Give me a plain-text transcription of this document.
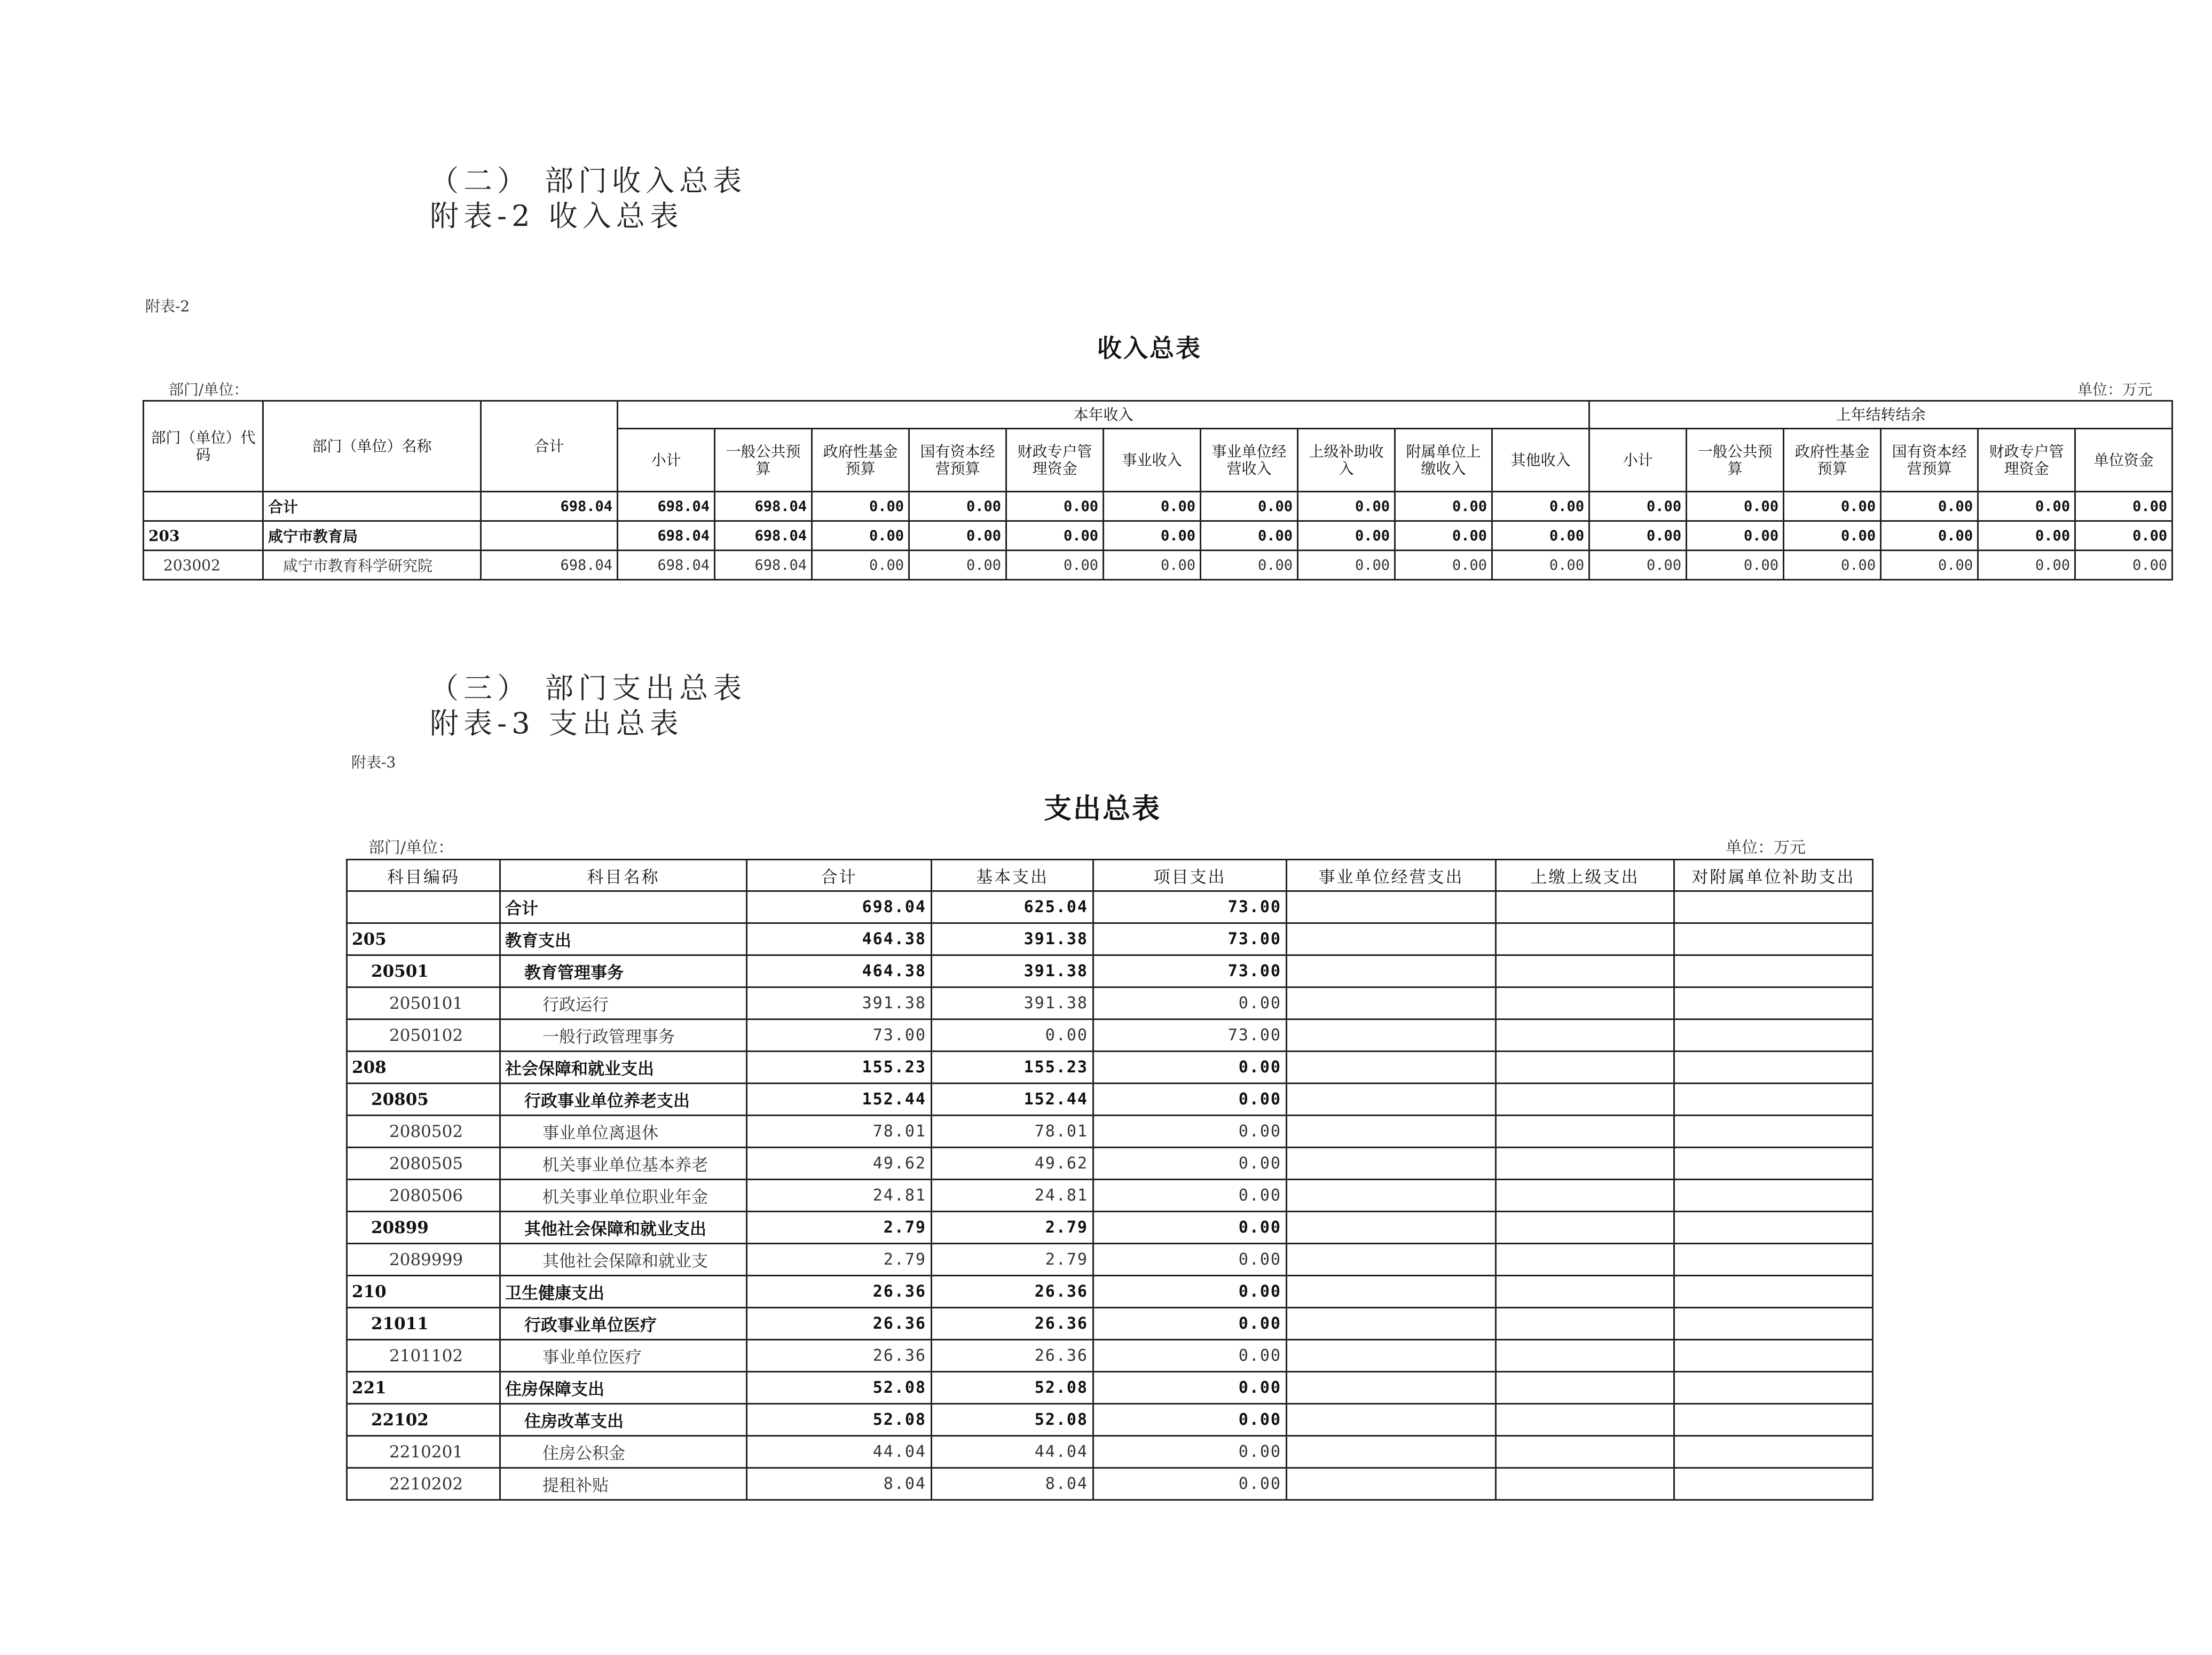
（二） 部门收入总表
附表-2 收入总表
附表-2
收入总表
部门/单位：	单位：万元
部门（单位）代码	部门（单位）名称	合计	本年收入										上年结转结余					
			小计	一般公共预算	政府性基金预算	国有资本经营预算	财政专户管理资金	事业收入	事业单位经营收入	上级补助收入	附属单位上缴收入	其他收入	小计	一般公共预算	政府性基金预算	国有资本经营预算	财政专户管理资金	单位资金
	合计	698.04	698.04	698.04	0.00	0.00	0.00	0.00	0.00	0.00	0.00	0.00	0.00	0.00	0.00	0.00	0.00	0.00
203	咸宁市教育局		698.04	698.04	0.00	0.00	0.00	0.00	0.00	0.00	0.00	0.00	0.00	0.00	0.00	0.00	0.00	0.00
203002	咸宁市教育科学研究院	698.04	698.04	698.04	0.00	0.00	0.00	0.00	0.00	0.00	0.00	0.00	0.00	0.00	0.00	0.00	0.00	0.00
（三） 部门支出总表
附表-3 支出总表
附表-3
支出总表
部门/单位：	单位：万元
科目编码	科目名称	合计	基本支出	项目支出	事业单位经营支出	上缴上级支出	对附属单位补助支出
	合计	698.04	625.04	73.00			
205	教育支出	464.38	391.38	73.00			
20501	教育管理事务	464.38	391.38	73.00			
2050101	行政运行	391.38	391.38	0.00			
2050102	一般行政管理事务	73.00	0.00	73.00			
208	社会保障和就业支出	155.23	155.23	0.00			
20805	行政事业单位养老支出	152.44	152.44	0.00			
2080502	事业单位离退休	78.01	78.01	0.00			
2080505	机关事业单位基本养老	49.62	49.62	0.00			
2080506	机关事业单位职业年金	24.81	24.81	0.00			
20899	其他社会保障和就业支出	2.79	2.79	0.00			
2089999	其他社会保障和就业支	2.79	2.79	0.00			
210	卫生健康支出	26.36	26.36	0.00			
21011	行政事业单位医疗	26.36	26.36	0.00			
2101102	事业单位医疗	26.36	26.36	0.00			
221	住房保障支出	52.08	52.08	0.00			
22102	住房改革支出	52.08	52.08	0.00			
2210201	住房公积金	44.04	44.04	0.00			
2210202	提租补贴	8.04	8.04	0.00			
